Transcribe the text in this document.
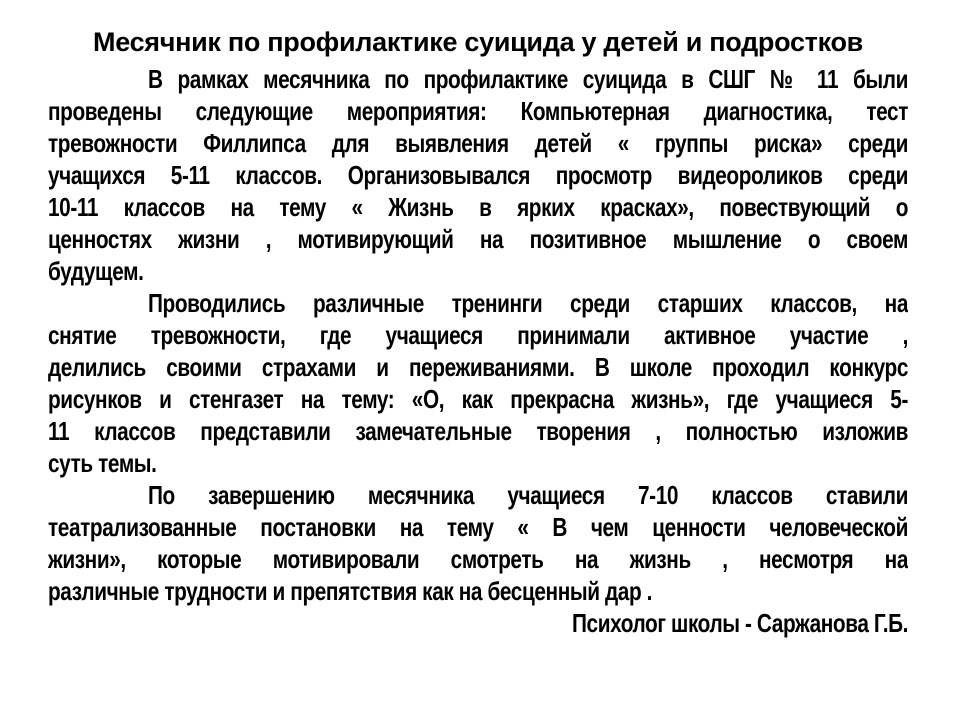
Месячник по профилактике суицида у детей и подростков
В рамках месячника по профилактике суицида в СШГ № 11 были
проведены следующие мероприятия: Компьютерная диагностика, тест
тревожности Филлипса для выявления детей « группы риска» среди
учащихся 5-11 классов. Организовывался просмотр видеороликов среди
10-11 классов на тему « Жизнь в ярких красках», повествующий о
ценностях жизни , мотивирующий на позитивное мышление о своем
будущем.
Проводились различные тренинги среди старших классов, на
снятие тревожности, где учащиеся принимали активное участие ,
делились своими страхами и переживаниями. В школе проходил конкурс
рисунков и стенгазет на тему: «О, как прекрасна жизнь», где учащиеся 5-
11 классов представили замечательные творения , полностью изложив
суть темы.
По завершению месячника учащиеся 7-10 классов ставили
театрализованные постановки на тему « В чем ценности человеческой
жизни», которые мотивировали смотреть на жизнь , несмотря на
различные трудности и препятствия как на бесценный дар .
Психолог школы - Саржанова Г.Б.
